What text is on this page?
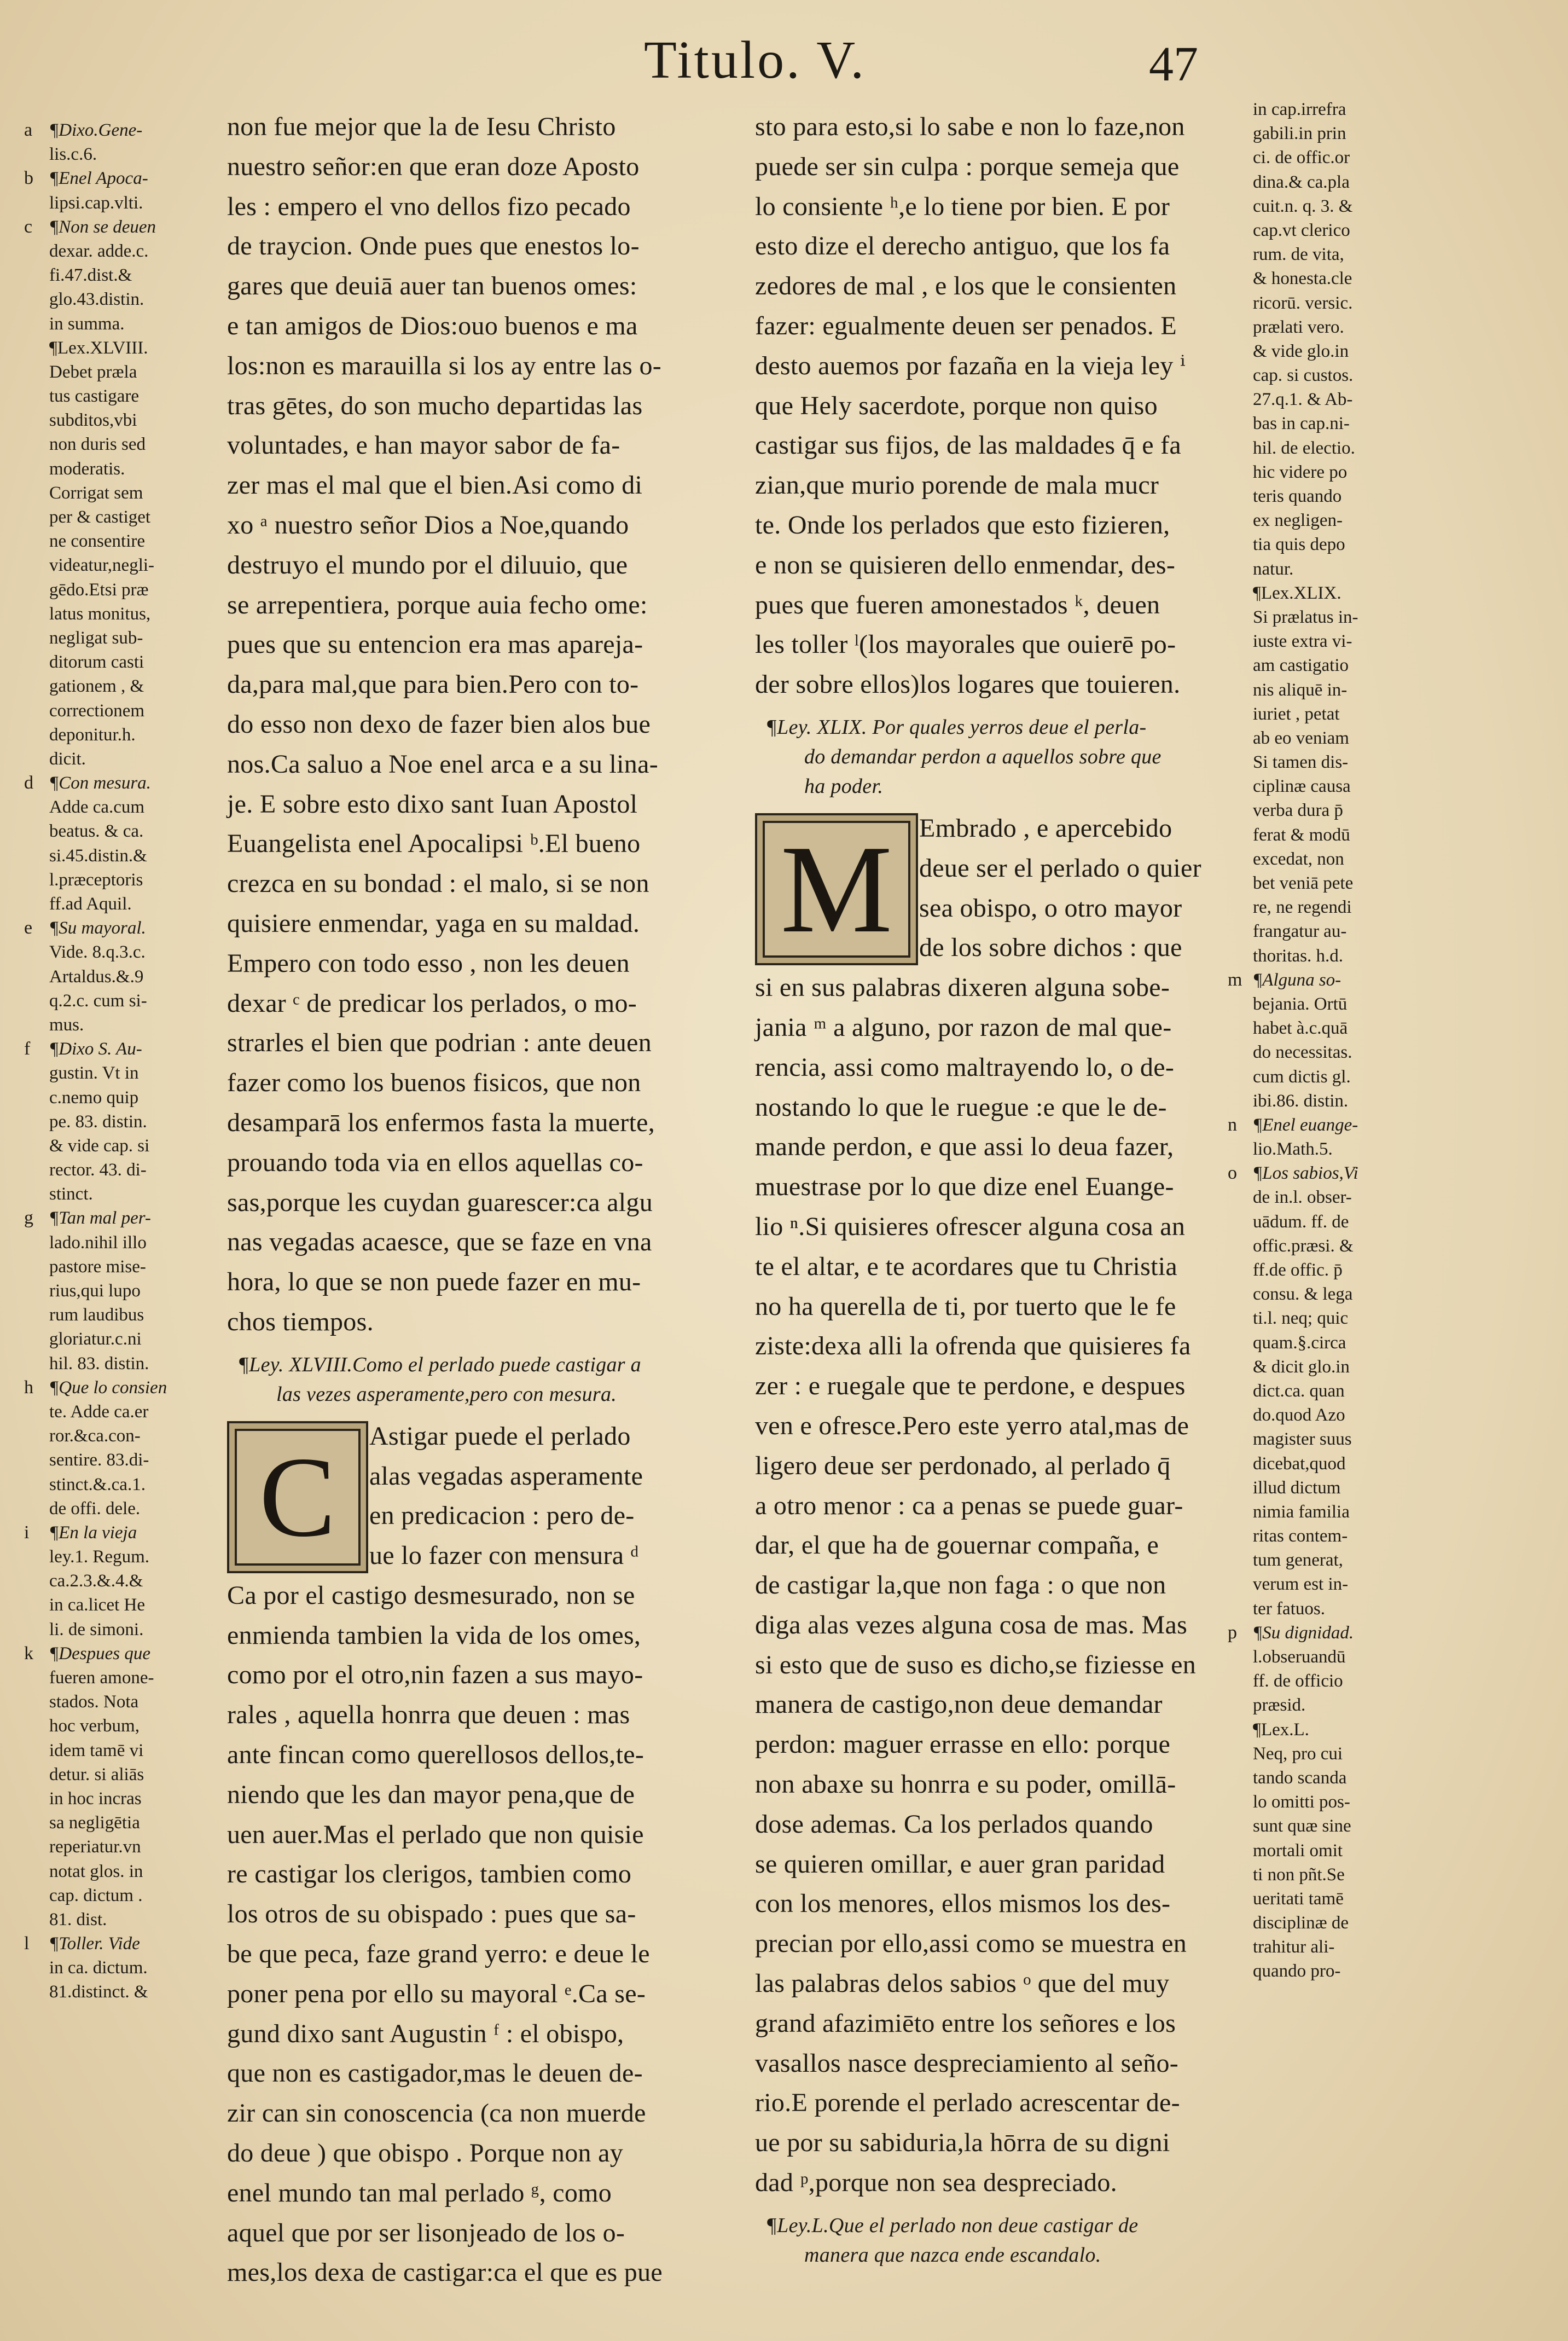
Titulo. V.	47
a ¶Dixo.Gene-
lis.c.6.
b ¶Enel Apoca-
lipsi.cap.vlti.
c ¶Non se deuen
dexar. adde.c.
fi.47.dist.&
glo.43.distin.
in summa.
¶Lex.XLVIII.
Debet præla
tus castigare
subditos,vbi
non duris sed
moderatis.
Corrigat sem
per & castiget
ne consentire
videatur,negli-
gēdo.Etsi præ
latus monitus,
negligat sub-
ditorum casti
gationem , &
correctionem
deponitur.h.
dicit.
d ¶Con mesura.
Adde ca.cum
beatus. & ca.
si.45.distin.&
l.præceptoris
ff.ad Aquil.
e ¶Su mayoral.
Vide. 8.q.3.c.
Artaldus.&.9
q.2.c. cum si-
mus.
f ¶Dixo S. Au-
gustin. Vt in
c.nemo quip
pe. 83. distin.
& vide cap. si
rector. 43. di-
stinct.
g ¶Tan mal per-
lado.nihil illo
pastore mise-
rius,qui lupo
rum laudibus
gloriatur.c.ni
hil. 83. distin.
h ¶Que lo consien
te. Adde ca.er
ror.&ca.con-
sentire. 83.di-
stinct.&.ca.1.
de offi. dele.
i ¶En la vieja
ley.1. Regum.
ca.2.3.&.4.&
in ca.licet He
li. de simoni.
k ¶Despues que
fueren amone-
stados. Nota
hoc verbum,
idem tamē vi
detur. si aliās
in hoc incras
sa negligētia
reperiatur.vn
notat glos. in
cap. dictum .
81. dist.
l ¶Toller. Vide
in ca. dictum.
81.distinct. &
non fue mejor que la de Iesu Christo
nuestro señor:en que eran doze Aposto
les : empero el vno dellos fizo pecado
de traycion. Onde pues que enestos lo-
gares que deuiā auer tan buenos omes:
e tan amigos de Dios:ouo buenos e ma
los:non es marauilla si los ay entre las o-
tras gētes, do son mucho departidas las
voluntades, e han mayor sabor de fa-
zer mas el mal que el bien.Asi como di
xo ᵃ nuestro señor Dios a Noe,quando
destruyo el mundo por el diluuio, que
se arrepentiera, porque auia fecho ome:
pues que su entencion era mas apareja-
da,para mal,que para bien.Pero con to-
do esso non dexo de fazer bien alos bue
nos.Ca saluo a Noe enel arca e a su lina-
je. E sobre esto dixo sant Iuan Apostol
Euangelista enel Apocalipsi ᵇ.El bueno
crezca en su bondad : el malo, si se non
quisiere enmendar, yaga en su maldad.
Empero con todo esso , non les deuen
dexar ᶜ de predicar los perlados, o mo-
strarles el bien que podrian : ante deuen
fazer como los buenos fisicos, que non
desamparā los enfermos fasta la muerte,
prouando toda via en ellos aquellas co-
sas,porque les cuydan guarescer:ca algu
nas vegadas acaesce, que se faze en vna
hora, lo que se non puede fazer en mu-
chos tiempos.
¶Ley. XLVIII.Como el perlado puede castigar a
las vezes asperamente,pero con mesura.
C	Astigar puede el perlado
alas vegadas asperamente
en predicacion : pero de-
ue lo fazer con mensura ᵈ
Ca por el castigo desmesurado, non se
enmienda tambien la vida de los omes,
como por el otro,nin fazen a sus mayo-
rales , aquella honrra que deuen : mas
ante fincan como querellosos dellos,te-
niendo que les dan mayor pena,que de
uen auer.Mas el perlado que non quisie
re castigar los clerigos, tambien como
los otros de su obispado : pues que sa-
be que peca, faze grand yerro: e deue le
poner pena por ello su mayoral ᵉ.Ca se-
gund dixo sant Augustin ᶠ : el obispo,
que non es castigador,mas le deuen de-
zir can sin conoscencia (ca non muerde
do deue ) que obispo . Porque non ay
enel mundo tan mal perlado ᵍ, como
aquel que por ser lisonjeado de los o-
mes,los dexa de castigar:ca el que es pue
sto para esto,si lo sabe e non lo faze,non
puede ser sin culpa : porque semeja que
lo consiente ʰ,e lo tiene por bien. E por
esto dize el derecho antiguo, que los fa
zedores de mal , e los que le consienten
fazer: egualmente deuen ser penados. E
desto auemos por fazaña en la vieja ley ⁱ
que Hely sacerdote, porque non quiso
castigar sus fijos, de las maldades q̄ e fa
zian,que murio porende de mala mucr
te. Onde los perlados que esto fizieren,
e non se quisieren dello enmendar, des-
pues que fueren amonestados ᵏ, deuen
les toller ˡ(los mayorales que ouierē po-
der sobre ellos)los logares que touieren.
¶Ley. XLIX. Por quales yerros deue el perla-
do demandar perdon a aquellos sobre que
ha poder.
M	Embrado , e apercebido
deue ser el perlado o quier
sea obispo, o otro mayor
de los sobre dichos : que
si en sus palabras dixeren alguna sobe-
jania ᵐ a alguno, por razon de mal que-
rencia, assi como maltrayendo lo, o de-
nostando lo que le ruegue :e que le de-
mande perdon, e que assi lo deua fazer,
muestrase por lo que dize enel Euange-
lio ⁿ.Si quisieres ofrescer alguna cosa an
te el altar, e te acordares que tu Christia
no ha querella de ti, por tuerto que le fe
ziste:dexa alli la ofrenda que quisieres fa
zer : e ruegale que te perdone, e despues
ven e ofresce.Pero este yerro atal,mas de
ligero deue ser perdonado, al perlado q̄
a otro menor : ca a penas se puede guar-
dar, el que ha de gouernar compaña, e
de castigar la,que non faga : o que non
diga alas vezes alguna cosa de mas. Mas
si esto que de suso es dicho,se fiziesse en
manera de castigo,non deue demandar
perdon: maguer errasse en ello: porque
non abaxe su honrra e su poder, omillā-
dose ademas. Ca los perlados quando
se quieren omillar, e auer gran paridad
con los menores, ellos mismos los des-
precian por ello,assi como se muestra en
las palabras delos sabios ᵒ que del muy
grand afazimiēto entre los señores e los
vasallos nasce despreciamiento al seño-
rio.E porende el perlado acrescentar de-
ue por su sabiduria,la hōrra de su digni
dad ᵖ,porque non sea despreciado.
¶Ley.L.Que el perlado non deue castigar de
manera que nazca ende escandalo.
in cap.irrefra
gabili.in prin
ci. de offic.or
dina.& ca.pla
cuit.n. q. 3. &
cap.vt clerico
rum. de vita,
& honesta.cle
ricorū. versic.
prælati vero.
& vide glo.in
cap. si custos.
27.q.1. & Ab-
bas in cap.ni-
hil. de electio.
hic videre po
teris quando
ex negligen-
tia quis depo
natur.
¶Lex.XLIX.
Si prælatus in-
iuste extra vi-
am castigatio
nis aliquē in-
iuriet , petat
ab eo veniam
Si tamen dis-
ciplinæ causa
verba dura p̄
ferat & modū
excedat, non
bet veniā pete
re, ne regendi
frangatur au-
thoritas. h.d.
m ¶Alguna so-
bejania. Ortū
habet à.c.quā
do necessitas.
cum dictis gl.
ibi.86. distin.
n ¶Enel euange-
lio.Math.5.
o ¶Los sabios,Vi
de in.l. obser-
uādum. ff. de
offic.præsi. &
ff.de offic. p̄
consu. & lega
ti.l. neq; quic
quam.§.circa
& dicit glo.in
dict.ca. quan
do.quod Azo
magister suus
dicebat,quod
illud dictum
nimia familia
ritas contem-
tum generat,
verum est in-
ter fatuos.
p ¶Su dignidad.
l.obseruandū
ff. de officio
præsid.
¶Lex.L.
Neq, pro cui
tando scanda
lo omitti pos-
sunt quæ sine
mortali omit
ti non pñt.Se
ueritati tamē
disciplinæ de
trahitur ali-
quando pro-
